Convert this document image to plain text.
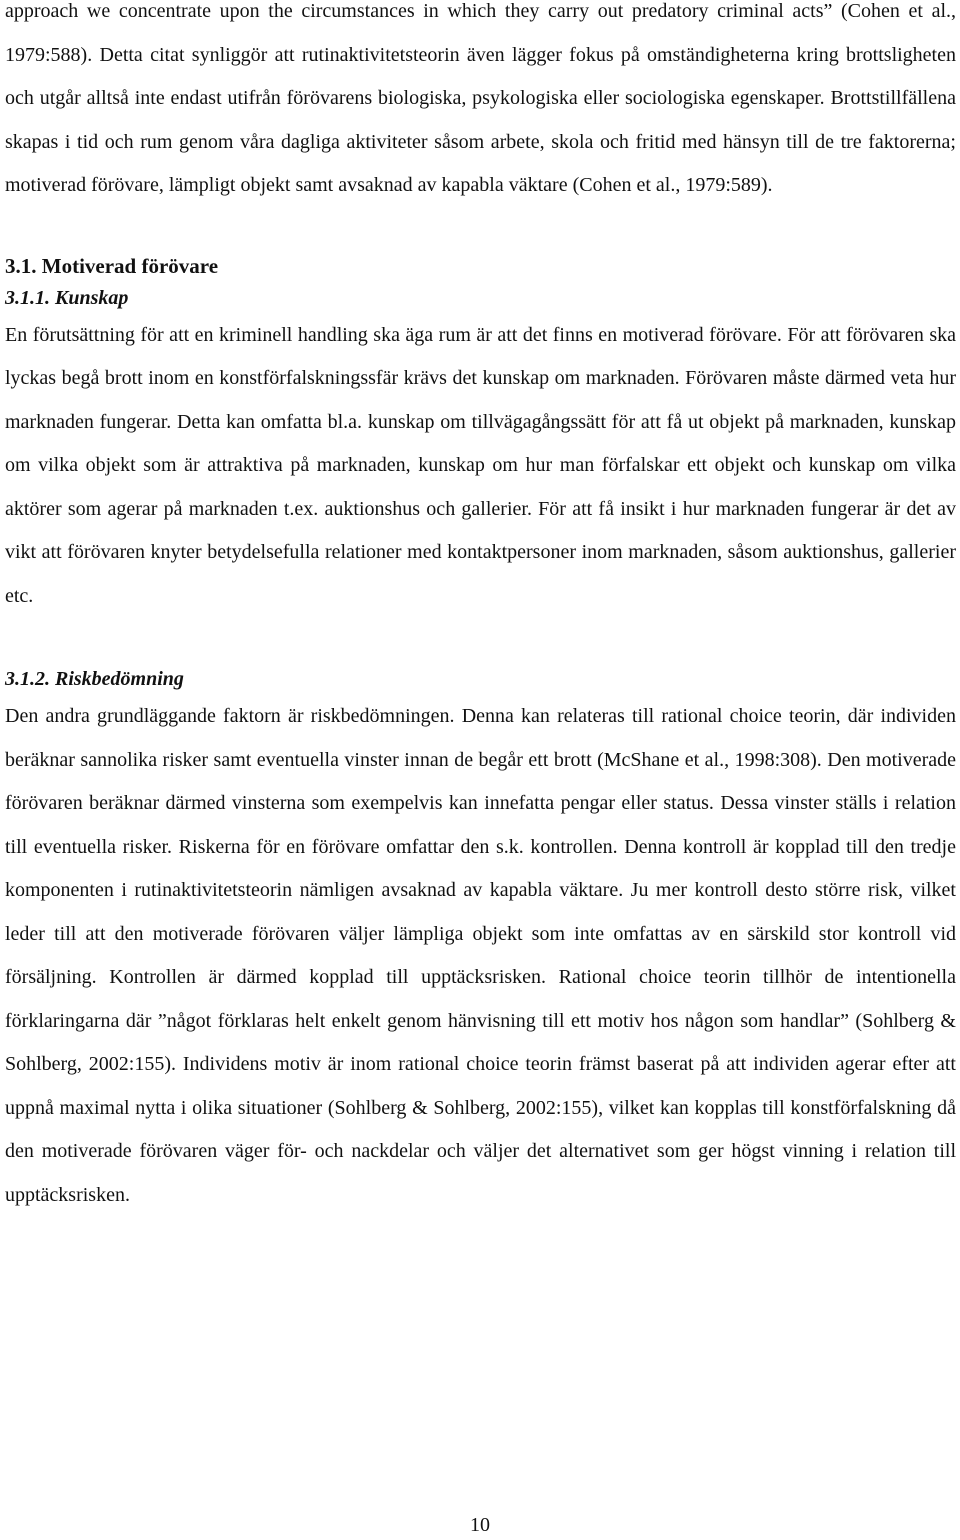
approach we concentrate upon the circumstances in which they carry out predatory criminal acts” (Cohen et al., 1979:588). Detta citat synliggör att rutinaktivitetsteorin även lägger fokus på omständigheterna kring brottsligheten och utgår alltså inte endast utifrån förövarens biologiska, psykologiska eller sociologiska egenskaper. Brottstillfällena skapas i tid och rum genom våra dagliga aktiviteter såsom arbete, skola och fritid med hänsyn till de tre faktorerna; motiverad förövare, lämpligt objekt samt avsaknad av kapabla väktare (Cohen et al., 1979:589).

3.1. Motiverad förövare
3.1.1. Kunskap

En förutsättning för att en kriminell handling ska äga rum är att det finns en motiverad förövare. För att förövaren ska lyckas begå brott inom en konstförfalskningssfär krävs det kunskap om marknaden. Förövaren måste därmed veta hur marknaden fungerar. Detta kan omfatta bl.a. kunskap om tillvägagångssätt för att få ut objekt på marknaden, kunskap om vilka objekt som är attraktiva på marknaden, kunskap om hur man förfalskar ett objekt och kunskap om vilka aktörer som agerar på marknaden t.ex. auktionshus och gallerier. För att få insikt i hur marknaden fungerar är det av vikt att förövaren knyter betydelsefulla relationer med kontaktpersoner inom marknaden, såsom auktionshus, gallerier etc.

3.1.2. Riskbedömning

Den andra grundläggande faktorn är riskbedömningen. Denna kan relateras till rational choice teorin, där individen beräknar sannolika risker samt eventuella vinster innan de begår ett brott (McShane et al., 1998:308). Den motiverade förövaren beräknar därmed vinsterna som exempelvis kan innefatta pengar eller status. Dessa vinster ställs i relation till eventuella risker. Riskerna för en förövare omfattar den s.k. kontrollen. Denna kontroll är kopplad till den tredje komponenten i rutinaktivitetsteorin nämligen avsaknad av kapabla väktare. Ju mer kontroll desto större risk, vilket leder till att den motiverade förövaren väljer lämpliga objekt som inte omfattas av en särskild stor kontroll vid försäljning. Kontrollen är därmed kopplad till upptäcksrisken. Rational choice teorin tillhör de intentionella förklaringarna där ”något förklaras helt enkelt genom hänvisning till ett motiv hos någon som handlar” (Sohlberg & Sohlberg, 2002:155). Individens motiv är inom rational choice teorin främst baserat på att individen agerar efter att uppnå maximal nytta i olika situationer (Sohlberg & Sohlberg, 2002:155), vilket kan kopplas till konstförfalskning då den motiverade förövaren väger för- och nackdelar och väljer det alternativet som ger högst vinning i relation till upptäcksrisken.

10
